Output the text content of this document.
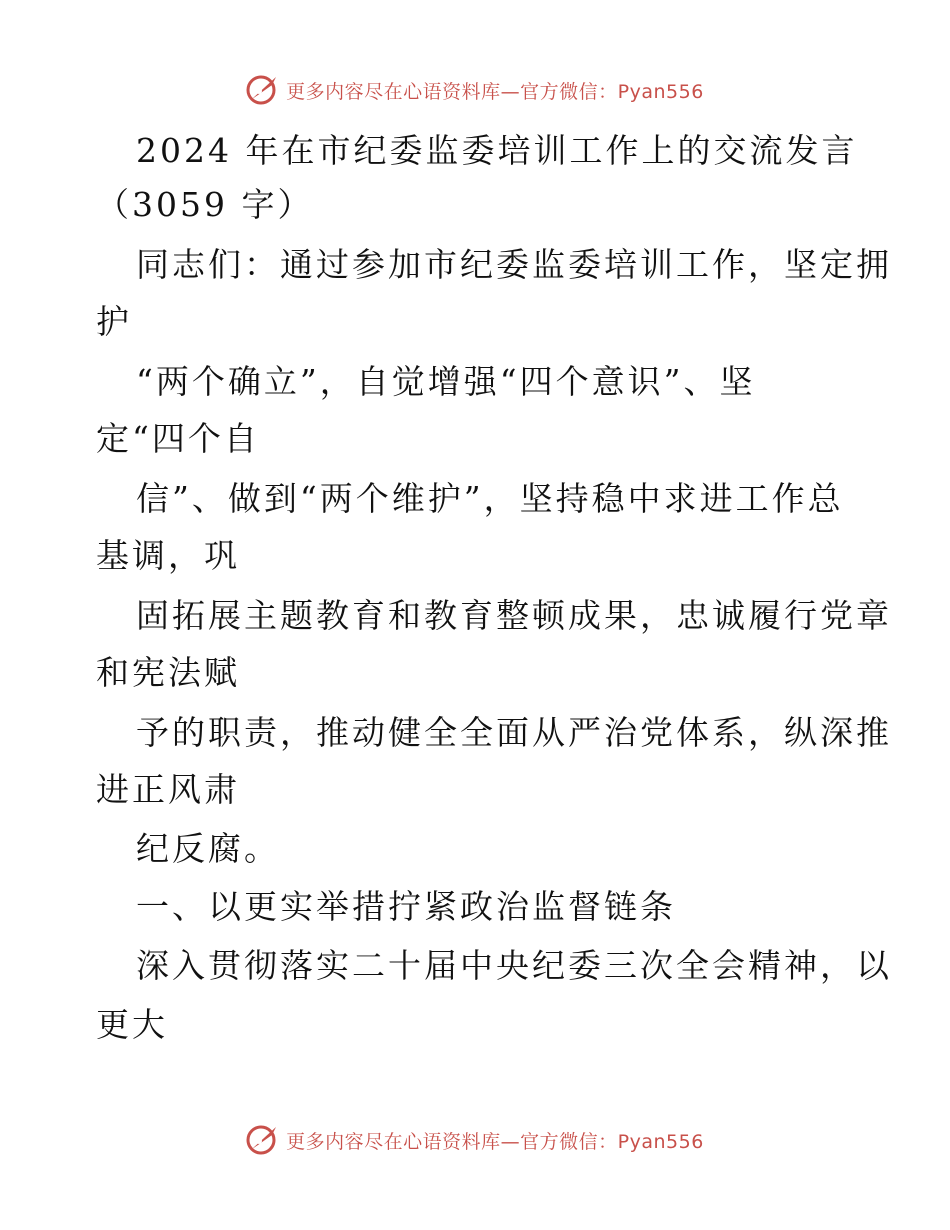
更多内容尽在心语资料库—官方微信：Pyan556
2024 年在市纪委监委培训工作上的交流发言
（3059 字）
同志们：通过参加市纪委监委培训工作，坚定拥
护
“两个确立”，自觉增强“四个意识”、坚
定“四个自
信”、做到“两个维护”，坚持稳中求进工作总
基调，巩
固拓展主题教育和教育整顿成果，忠诚履行党章
和宪法赋
予的职责，推动健全全面从严治党体系，纵深推
进正风肃
纪反腐。
一、以更实举措拧紧政治监督链条
深入贯彻落实二十届中央纪委三次全会精神，以
更大
更多内容尽在心语资料库—官方微信：Pyan556
